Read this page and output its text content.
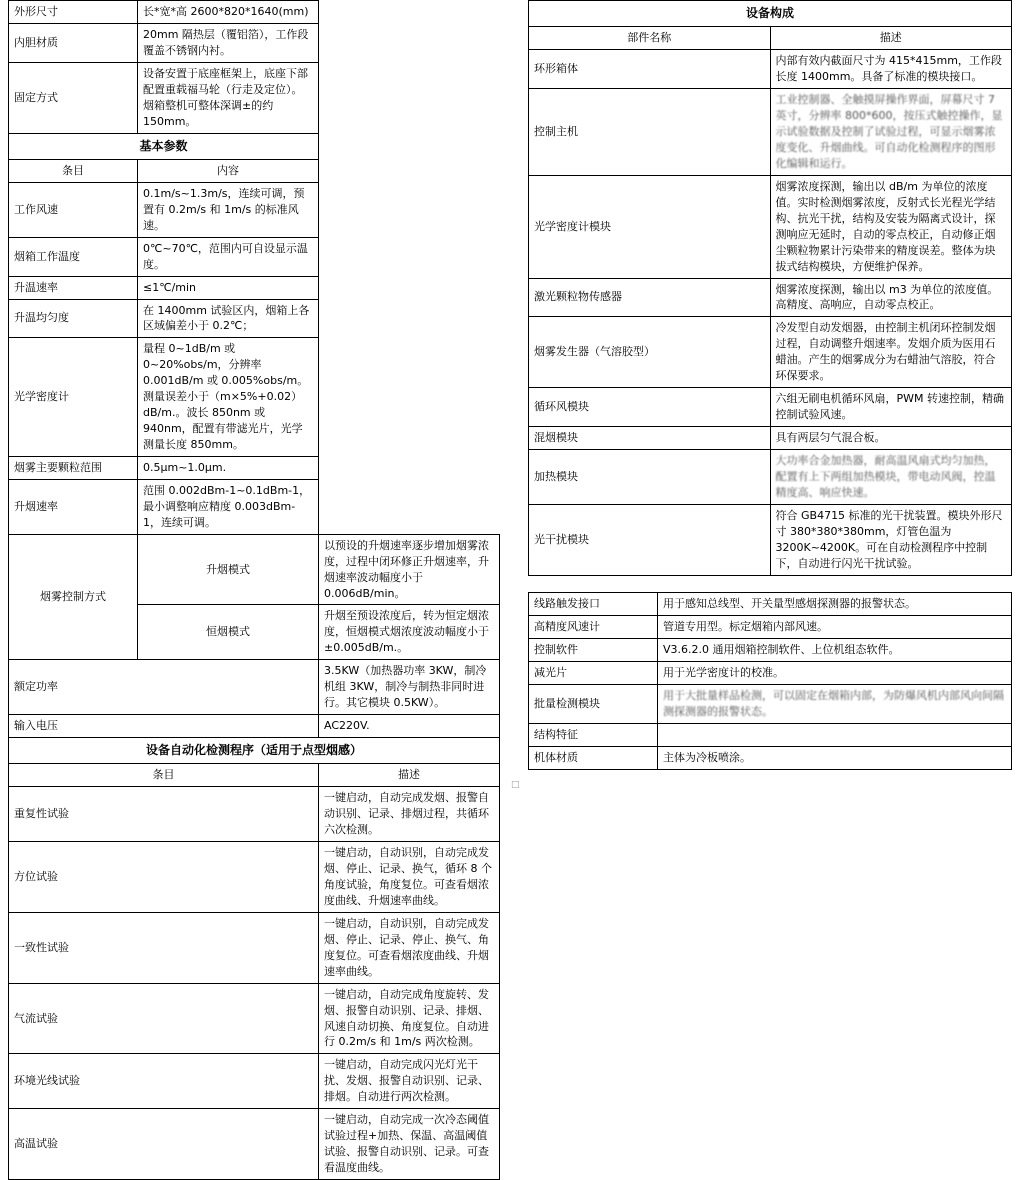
外形尺寸	长*宽*高 2600*820*1640(mm)	
内胆材质	20mm 隔热层（覆铝箔），工作段覆盖不锈钢内衬。	
固定方式	设备安置于底座框架上，底座下部配置重载福马轮（行走及定位）。烟箱整机可整体深调±的约150mm。	
基本参数		
条目	内容	
工作风速	0.1m/s~1.3m/s，连续可调，预置有 0.2m/s 和 1m/s 的标准风速。	
烟箱工作温度	0℃~70℃，范围内可自设显示温度。	
升温速率	≤1℃/min	
升温均匀度	在 1400mm 试验区内，烟箱上各区域偏差小于 0.2℃；	
光学密度计	量程 0~1dB/m 或 0~20%obs/m，分辨率 0.001dB/m 或 0.005%obs/m。测量误差小于（m×5%+0.02）dB/m.。波长 850nm 或 940nm，配置有带滤光片，光学测量长度 850mm。	
烟雾主要颗粒范围	0.5μm~1.0μm.	
升烟速率	范围 0.002dBm-1~0.1dBm-1，最小调整响应精度 0.003dBm-1，连续可调。	
烟雾控制方式	升烟模式	以预设的升烟速率逐步增加烟雾浓度，过程中闭环修正升烟速率，升烟速率波动幅度小于 0.006dB/min。
	恒烟模式	升烟至预设浓度后，转为恒定烟浓度，恒烟模式烟浓度波动幅度小于±0.005dB/m.。
额定功率		3.5KW（加热器功率 3KW，制冷机组 3KW，制冷与制热非同时进行。其它模块 0.5KW）。
输入电压		AC220V.
设备自动化检测程序（适用于点型烟感）		
条目		描述
重复性试验		一键启动，自动完成发烟、报警自动识别、记录、排烟过程，共循环六次检测。
方位试验		一键启动，自动识别，自动完成发烟、停止、记录、换气，循环 8 个角度试验，角度复位。可查看烟浓度曲线、升烟速率曲线。
一致性试验		一键启动，自动识别，自动完成发烟、停止、记录、停止、换气、角度复位。可查看烟浓度曲线、升烟速率曲线。
气流试验		一键启动，自动完成角度旋转、发烟、报警自动识别、记录、排烟、风速自动切换、角度复位。自动进行 0.2m/s 和 1m/s 两次检测。
环境光线试验		一键启动，自动完成闪光灯光干扰、发烟、报警自动识别、记录、排烟。自动进行两次检测。
高温试验		一键启动，自动完成一次冷态阈值试验过程+加热、保温、高温阈值试验、报警自动识别、记录。可查看温度曲线。
□
设备构成	
部件名称	描述
环形箱体	内部有效内截面尺寸为 415*415mm，工作段长度 1400mm。具备了标准的模块接口。
控制主机	工业控制器、全触摸屏操作界面，屏幕尺寸 7 英寸，分辨率 800*600，按压式触控操作，显示试验数据及控制了试验过程，可显示烟雾浓度变化、升烟曲线。可自动化检测程序的图形化编辑和运行。
光学密度计模块	烟雾浓度探测，输出以 dB/m 为单位的浓度值。实时检测烟雾浓度，反射式长光程光学结构、抗光干扰，结构及安装为隔离式设计，探测响应无延时，自动的零点校正，自动修正烟尘颗粒物累计污染带来的精度误差。整体为块拔式结构模块，方便维护保养。
激光颗粒物传感器	烟雾浓度探测，输出以 m3 为单位的浓度值。高精度、高响应，自动零点校正。
烟雾发生器（气溶胶型）	冷发型自动发烟器，由控制主机闭环控制发烟过程，自动调整升烟速率。发烟介质为医用石蜡油。产生的烟雾成分为右蜡油气溶胶，符合环保要求。
循环风模块	六组无刷电机循环风扇，PWM 转速控制，精确控制试验风速。
混烟模块	具有两层匀气混合板。
加热模块	大功率合金加热器，耐高温风扇式均匀加热，配置有上下两组加热模块，带电动风阀，控温精度高、响应快速。
光干扰模块	符合 GB4715 标准的光干扰装置。模块外形尺寸 380*380*380mm，灯管色温为 3200K~4200K。可在自动检测程序中控制下，自动进行闪光干扰试验。
线路触发接口	用于感知总线型、开关量型感烟探测器的报警状态。
高精度风速计	管道专用型。标定烟箱内部风速。
控制软件	V3.6.2.0 通用烟箱控制软件、上位机组态软件。
减光片	用于光学密度计的校准。
批量检测模块	用于大批量样品检测，可以固定在烟箱内部，为防爆风机内部风向间隔测探测器的报警状态。
结构特征	
机体材质	主体为冷板喷涂。
